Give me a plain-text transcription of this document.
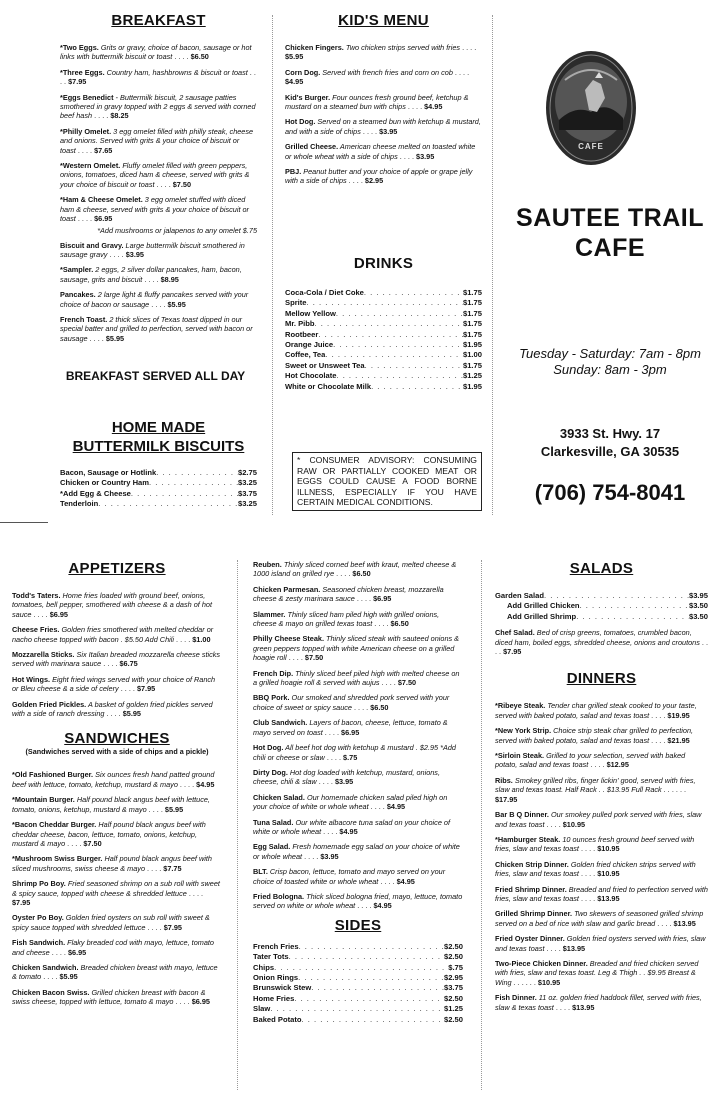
BREAKFAST
*Two Eggs. Grits or gravy, choice of bacon, sausage or hot links with buttermilk biscuit or toast . . . . $6.50
*Three Eggs. Country ham, hashbrowns & biscuit or toast . . . . $7.95
*Eggs Benedict - Buttermilk biscuit, 2 sausage patties smothered in gravy topped with 2 eggs & served with corned beef hash . . . . $8.25
*Philly Omelet. 3 egg omelet filled with philly steak, cheese and onions. Served with grits & your choice of biscuit or toast . . . . $7.65
*Western Omelet. Fluffy omelet filled with green peppers, onions, tomatoes, diced ham & cheese, served with grits & your choice of biscuit or toast . . . . $7.50
*Ham & Cheese Omelet. 3 egg omelet stuffed with diced ham & cheese, served with grits & your choice of biscuit or toast . . . . $6.95
*Add mushrooms or jalapenos to any omelet $.75
Biscuit and Gravy. Large buttermilk biscuit smothered in sausage gravy . . . . $3.95
*Sampler. 2 eggs, 2 silver dollar pancakes, ham, bacon, sausage, grits and biscuit . . . . $8.95
Pancakes. 2 large light & fluffy pancakes served with your choice of bacon or sausage . . . . $5.95
French Toast. 2 thick slices of Texas toast dipped in our special batter and grilled to perfection, served with bacon or sausage . . . . $5.95
BREAKFAST SERVED ALL DAY
HOME MADE
BUTTERMILK BISCUITS
Bacon, Sausage or Hotlink . . .	$2.75
Chicken or Country Ham . . .	$3.25
*Add Egg & Cheese . . .	$3.75
Tenderloin . . .	$3.25
KID'S MENU
Chicken Fingers. Two chicken strips served with fries . . . . $5.95
Corn Dog. Served with french fries and corn on cob . . . . $4.95
Kid's Burger. Four ounces fresh ground beef, ketchup & mustard on a steamed bun with chips . . . . $4.95
Hot Dog. Served on a steamed bun with ketchup & mustard, and with a side of chips . . . . $3.95
Grilled Cheese. American cheese melted on toasted white or whole wheat with a side of chips . . . . $3.95
PBJ. Peanut butter and your choice of apple or grape jelly with a side of chips . . . . $2.95
DRINKS
Coca-Cola / Diet Coke . . .	$1.75
Sprite . . .	$1.75
Mellow Yellow . . .	$1.75
Mr. Pibb . . .	$1.75
Rootbeer . . .	$1.75
Orange Juice . . .	$1.95
Coffee, Tea . . .	$1.00
Sweet or Unsweet Tea . . .	$1.75
Hot Chocolate . . .	$1.25
White or Chocolate Milk . . .	$1.95
* CONSUMER ADVISORY: CONSUMING RAW OR PARTIALLY COOKED MEAT OR EGGS COULD CAUSE A FOOD BORNE ILLNESS, ESPECIALLY IF YOU HAVE CERTAIN MEDICAL CONDITIONS.
CAFE
SAUTEE TRAIL
CAFE
Tuesday - Saturday: 7am - 8pm
Sunday: 8am - 3pm
3933 St. Hwy. 17
Clarkesville, GA 30535
(706) 754-8041
APPETIZERS
Todd's Taters. Home fries loaded with ground beef, onions, tomatoes, bell pepper, smothered with cheese & a dash of hot sauce . . . . $6.95
Cheese Fries. Golden fries smothered with melted cheddar or nacho cheese topped with bacon . $5.50 Add Chili . . . . $1.00
Mozzarella Sticks. Six Italian breaded mozzarella cheese sticks served with marinara sauce . . . . $6.75
Hot Wings. Eight fried wings served with your choice of Ranch or Bleu cheese & a side of celery . . . . $7.95
Golden Fried Pickles. A basket of golden fried pickles served with a side of ranch dressing . . . . $5.95
SANDWICHES
(Sandwiches served with a side of chips and a pickle)
*Old Fashioned Burger. Six ounces fresh hand patted ground beef with lettuce, tomato, ketchup, mustard & mayo . . . . $4.95
*Mountain Burger. Half pound black angus beef with lettuce, tomato, onions, ketchup, mustard & mayo . . . . $5.95
*Bacon Cheddar Burger. Half pound black angus beef with cheddar cheese, bacon, lettuce, tomato, onions, ketchup, mustard & mayo . . . . $7.50
*Mushroom Swiss Burger. Half pound black angus beef with sliced mushrooms, swiss cheese & mayo . . . . $7.75
Shrimp Po Boy. Fried seasoned shrimp on a sub roll with sweet & spicy sauce, topped with cheese & shredded lettuce . . . . $7.95
Oyster Po Boy. Golden fried oysters on sub roll with sweet & spicy sauce topped with shredded lettuce . . . . $7.95
Fish Sandwich. Flaky breaded cod with mayo, lettuce, tomato and cheese . . . . $6.95
Chicken Sandwich. Breaded chicken breast with mayo, lettuce & tomato . . . . $5.95
Chicken Bacon Swiss. Grilled chicken breast with bacon & swiss cheese, topped with lettuce, tomato & mayo . . . . $6.95
Reuben. Thinly sliced corned beef with kraut, melted cheese & 1000 island on grilled rye . . . . $6.50
Chicken Parmesan. Seasoned chicken breast, mozzarella cheese & zesty marinara sauce . . . . $6.95
Slammer. Thinly sliced ham piled high with grilled onions, cheese & mayo on grilled texas toast . . . . $6.50
Philly Cheese Steak. Thinly sliced steak with sauteed onions & green peppers topped with white American cheese on a grilled hoagie roll . . . . $7.50
French Dip. Thinly sliced beef piled high with melted cheese on a grilled hoagie roll & served with aujus . . . . $7.50
BBQ Pork. Our smoked and shredded pork served with your choice of sweet or spicy sauce . . . . $6.50
Club Sandwich. Layers of bacon, cheese, lettuce, tomato & mayo served on toast . . . . $6.95
Hot Dog. All beef hot dog with ketchup & mustard . $2.95 *Add chili or cheese or slaw . . . . $.75
Dirty Dog. Hot dog loaded with ketchup, mustard, onions, cheese, chili & slaw . . . . $3.95
Chicken Salad. Our homemade chicken salad piled high on your choice of white or whole wheat . . . . $4.95
Tuna Salad. Our white albacore tuna salad on your choice of white or whole wheat . . . . $4.95
Egg Salad. Fresh homemade egg salad on your choice of white or whole wheat . . . . $3.95
BLT. Crisp bacon, lettuce, tomato and mayo served on your choice of toasted white or whole wheat . . . . $4.95
Fried Bologna. Thick sliced bologna fried, mayo, lettuce, tomato served on white or whole wheat . . . . $4.95
SIDES
French Fries . . .	$2.50
Tater Tots . . .	$2.50
Chips . . .	$.75
Onion Rings . . .	$2.95
Brunswick Stew . . .	$3.75
Home Fries . . .	$2.50
Slaw . . .	$1.25
Baked Potato . . .	$2.50
SALADS
Garden Salad . . .	$3.95
Add Grilled Chicken . . .	$3.50
Add Grilled Shrimp . . .	$3.50
Chef Salad. Bed of crisp greens, tomatoes, crumbled bacon, diced ham, boiled eggs, shredded cheese, onions and croutons . . . . $7.95
DINNERS
*Ribeye Steak. Tender char grilled steak cooked to your taste, served with baked potato, salad and texas toast . . . . $19.95
*New York Strip. Choice strip steak char grilled to perfection, served with baked potato, salad and texas toast . . . . $21.95
*Sirloin Steak. Grilled to your selection, served with baked potato, salad and texas toast . . . . $12.95
Ribs. Smokey grilled ribs, finger lickin' good, served with fries, slaw and texas toast. Half Rack . . $13.95 Full Rack . . . . . . $17.95
Bar B Q Dinner. Our smokey pulled pork served with fries, slaw and texas toast . . . . $10.95
*Hamburger Steak. 10 ounces fresh ground beef served with fries, slaw and texas toast . . . . $10.95
Chicken Strip Dinner. Golden fried chicken strips served with fries, slaw and texas toast . . . . $10.95
Fried Shrimp Dinner. Breaded and fried to perfection served with fries, slaw and texas toast . . . . $13.95
Grilled Shrimp Dinner. Two skewers of seasoned grilled shrimp served on a bed of rice with slaw and garlic bread . . . . $13.95
Fried Oyster Dinner. Golden fried oysters served with fries, slaw and texas toast . . . . $13.95
Two-Piece Chicken Dinner. Breaded and fried chicken served with fries, slaw and texas toast. Leg & Thigh . . $9.95 Breast & Wing . . . . . . $10.95
Fish Dinner. 11 oz. golden fried haddock fillet, served with fries, slaw & texas toast . . . . $13.95
